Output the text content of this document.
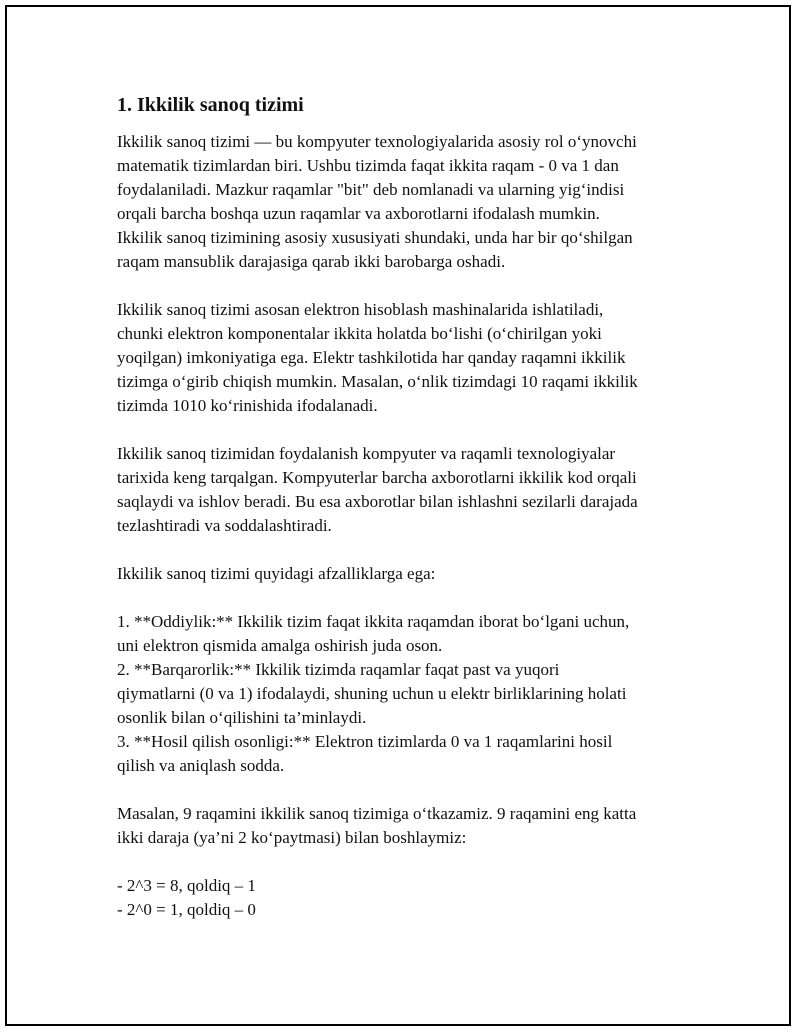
1. Ikkilik sanoq tizimi

Ikkilik sanoq tizimi — bu kompyuter texnologiyalarida asosiy rol o‘ynovchi
matematik tizimlardan biri. Ushbu tizimda faqat ikkita raqam - 0 va 1 dan
foydalaniladi. Mazkur raqamlar "bit" deb nomlanadi va ularning yig‘indisi
orqali barcha boshqa uzun raqamlar va axborotlarni ifodalash mumkin.
Ikkilik sanoq tizimining asosiy xususiyati shundaki, unda har bir qo‘shilgan
raqam mansublik darajasiga qarab ikki barobarga oshadi.

Ikkilik sanoq tizimi asosan elektron hisoblash mashinalarida ishlatiladi,
chunki elektron komponentalar ikkita holatda bo‘lishi (o‘chirilgan yoki
yoqilgan) imkoniyatiga ega. Elektr tashkilotida har qanday raqamni ikkilik
tizimga o‘girib chiqish mumkin. Masalan, o‘nlik tizimdagi 10 raqami ikkilik
tizimda 1010 ko‘rinishida ifodalanadi.

Ikkilik sanoq tizimidan foydalanish kompyuter va raqamli texnologiyalar
tarixida keng tarqalgan. Kompyuterlar barcha axborotlarni ikkilik kod orqali
saqlaydi va ishlov beradi. Bu esa axborotlar bilan ishlashni sezilarli darajada
tezlashtiradi va soddalashtiradi.

Ikkilik sanoq tizimi quyidagi afzalliklarga ega:

1. **Oddiylik:** Ikkilik tizim faqat ikkita raqamdan iborat bo‘lgani uchun,
uni elektron qismida amalga oshirish juda oson.
2. **Barqarorlik:** Ikkilik tizimda raqamlar faqat past va yuqori
qiymatlarni (0 va 1) ifodalaydi, shuning uchun u elektr birliklarining holati
osonlik bilan o‘qilishini ta’minlaydi.
3. **Hosil qilish osonligi:** Elektron tizimlarda 0 va 1 raqamlarini hosil
qilish va aniqlash sodda.

Masalan, 9 raqamini ikkilik sanoq tizimiga o‘tkazamiz. 9 raqamini eng katta
ikki daraja (ya’ni 2 ko‘paytmasi) bilan boshlaymiz:

- 2^3 = 8, qoldiq – 1
- 2^0 = 1, qoldiq – 0
